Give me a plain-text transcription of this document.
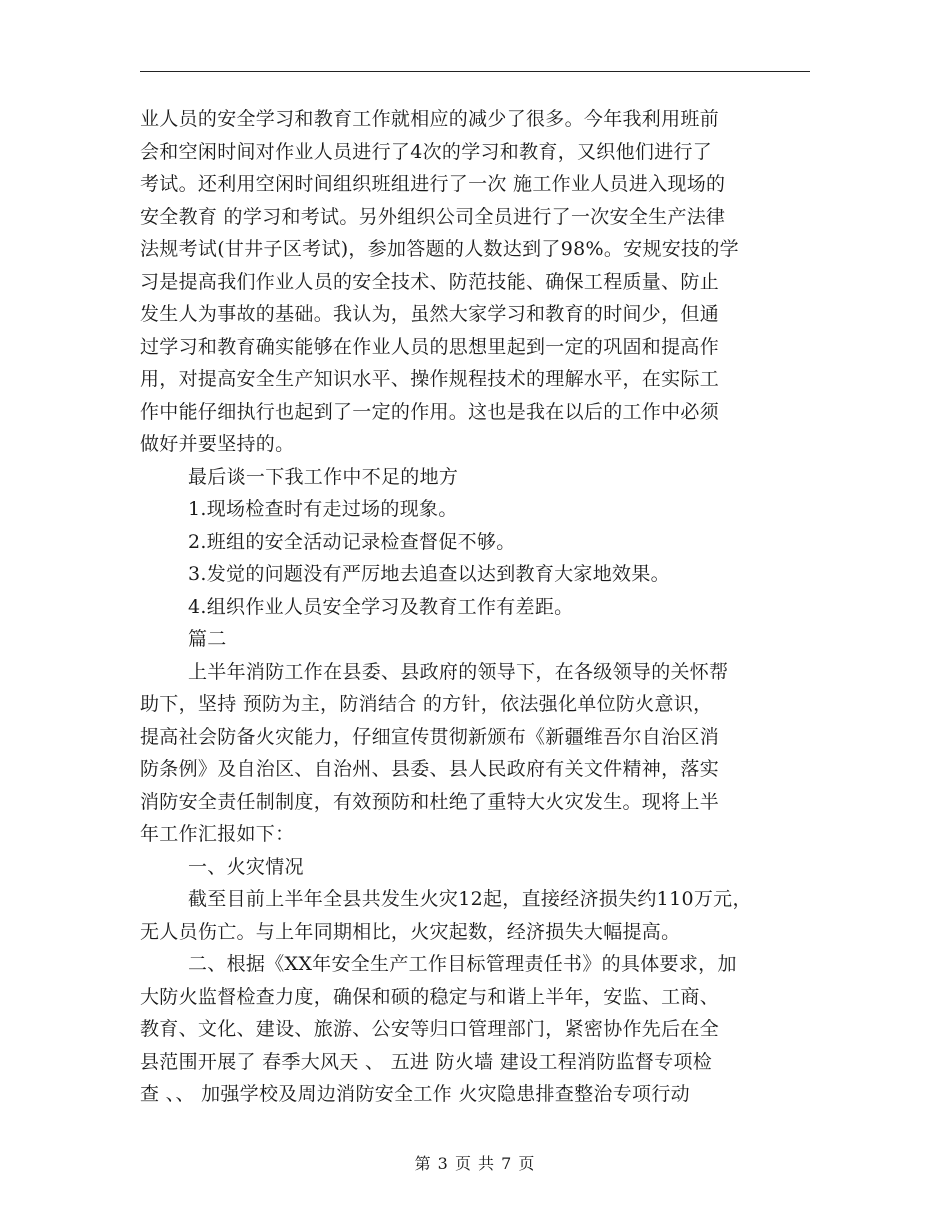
业人员的安全学习和教育工作就相应的减少了很多。今年我利用班前
会和空闲时间对作业人员进行了4次的学习和教育，又织他们进行了
考试。还利用空闲时间组织班组进行了一次 施工作业人员进入现场的
安全教育 的学习和考试。另外组织公司全员进行了一次安全生产法律
法规考试(甘井子区考试)，参加答题的人数达到了98%。安规安技的学
习是提高我们作业人员的安全技术、防范技能、确保工程质量、防止
发生人为事故的基础。我认为，虽然大家学习和教育的时间少，但通
过学习和教育确实能够在作业人员的思想里起到一定的巩固和提高作
用，对提高安全生产知识水平、操作规程技术的理解水平，在实际工
作中能仔细执行也起到了一定的作用。这也是我在以后的工作中必须
做好并要坚持的。
最后谈一下我工作中不足的地方
1.现场检查时有走过场的现象。
2.班组的安全活动记录检查督促不够。
3.发觉的问题没有严厉地去追查以达到教育大家地效果。
4.组织作业人员安全学习及教育工作有差距。
篇二
上半年消防工作在县委、县政府的领导下，在各级领导的关怀帮
助下，坚持 预防为主，防消结合 的方针，依法强化单位防火意识，
提高社会防备火灾能力，仔细宣传贯彻新颁布《新疆维吾尔自治区消
防条例》及自治区、自治州、县委、县人民政府有关文件精神，落实
消防安全责任制制度，有效预防和杜绝了重特大火灾发生。现将上半
年工作汇报如下：
一、火灾情况
截至目前上半年全县共发生火灾12起，直接经济损失约110万元，
无人员伤亡。与上年同期相比，火灾起数，经济损失大幅提高。
二、根据《XX年安全生产工作目标管理责任书》的具体要求，加
大防火监督检查力度，确保和硕的稳定与和谐上半年，安监、工商、
教育、文化、建设、旅游、公安等归口管理部门，紧密协作先后在全
县范围开展了 春季大风天 、 五进 防火墙 建设工程消防监督专项检
查 、、 加强学校及周边消防安全工作 火灾隐患排查整治专项行动
第 3 页 共 7 页
